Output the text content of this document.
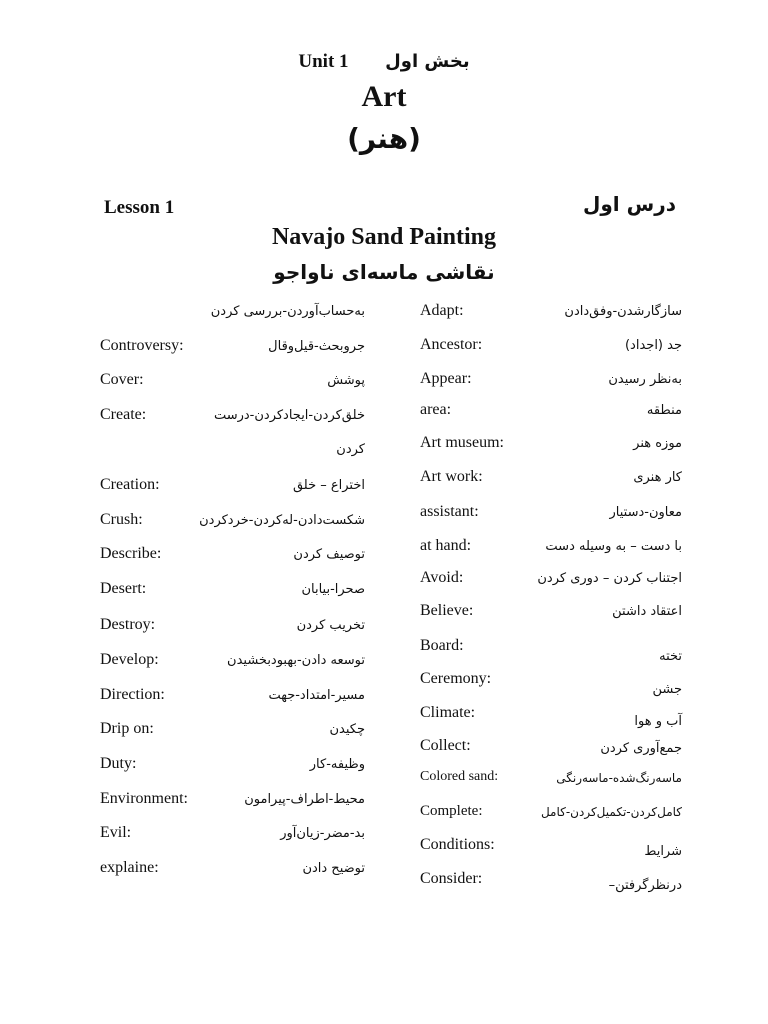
Unit 1 بخش اول
Art
(هنر)
Lesson 1	درس اول
Navajo Sand Painting
نقاشی ماسه‌ای ناواجو
به‌حساب‌آوردن-بررسی کردن
Controversy:	جروبحث-قیل‌وقال
Cover:	پوشش
Create:	خلق‌کردن-ایجادکردن-درست
کردن
Creation:	اختراع – خلق
Crush:	شکست‌دادن-له‌کردن-خردکردن
Describe:	توصیف کردن
Desert:	صحرا-بیابان
Destroy:	تخریب کردن
Develop:	توسعه دادن-بهبودبخشیدن
Direction:	مسیر-امتداد-جهت
Drip on:	چکیدن
Duty:	وظیفه-کار
Environment:	محیط-اطراف-پیرامون
Evil:	بد-مضر-زیان‌آور
explaine:	توضیح دادن
Adapt:	سازگارشدن-وفق‌دادن
Ancestor:	جد (اجداد)
Appear:	به‌نظر رسیدن
area:	منطقه
Art museum:	موزه هنر
Art work:	کار هنری
assistant:	معاون-دستیار
at hand:	با دست – به وسیله دست
Avoid:	اجتناب کردن – دوری کردن
Believe:	اعتقاد داشتن
Board:
تخته
Ceremony:
جشن
Climate:
آب و هوا
Collect:	جمع‌آوری کردن
Colored sand:	ماسه‌رنگ‌شده-ماسه‌رنگی
Complete:	کامل‌کردن-تکمیل‌کردن-کامل
Conditions:	شرایط
Consider:	درنظرگرفتن–
